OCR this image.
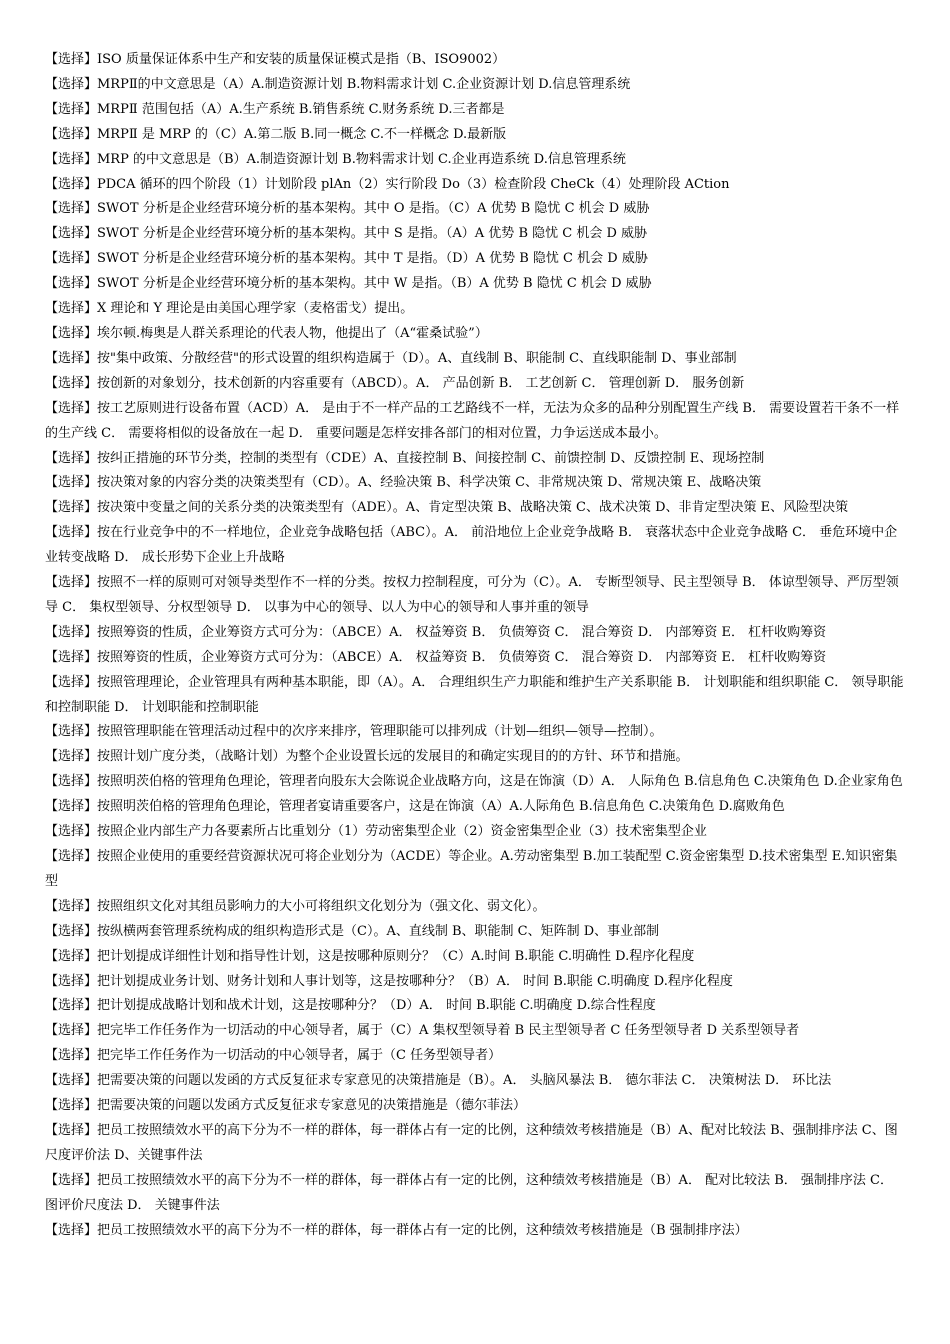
【选择】ISO 质量保证体系中生产和安装的质量保证模式是指（B、ISO9002）

【选择】MRPⅡ的中文意思是（A）A.制造资源计划 B.物料需求计划 C.企业资源计划 D.信息管理系统

【选择】MRPⅡ 范围包括（A）A.生产系统 B.销售系统 C.财务系统 D.三者都是

【选择】MRPⅡ 是 MRP 的（C）A.第二版 B.同一概念 C.不一样概念 D.最新版

【选择】MRP 的中文意思是（B）A.制造资源计划 B.物料需求计划 C.企业再造系统 D.信息管理系统

【选择】PDCA 循环的四个阶段（1）计划阶段 plAn（2）实行阶段 Do（3）检查阶段 CheCk（4）处理阶段 ACtion

【选择】SWOT 分析是企业经营环境分析的基本架构。其中 O 是指。（C）A 优势 B 隐忧 C 机会 D 威胁

【选择】SWOT 分析是企业经营环境分析的基本架构。其中 S 是指。（A）A 优势 B 隐忧 C 机会 D 威胁

【选择】SWOT 分析是企业经营环境分析的基本架构。其中 T 是指。（D）A 优势 B 隐忧 C 机会 D 威胁

【选择】SWOT 分析是企业经营环境分析的基本架构。其中 W 是指。（B）A 优势 B 隐忧 C 机会 D 威胁

【选择】X 理论和 Y 理论是由美国心理学家（麦格雷戈）提出。

【选择】埃尔顿.梅奥是人群关系理论的代表人物，他提出了（A“霍桑试验”）

【选择】按"集中政策、分散经营"的形式设置的组织构造属于（D）。A、直线制 B、职能制 C、直线职能制 D、事业部制

【选择】按创新的对象划分，技术创新的内容重要有（ABCD）。A． 产品创新 B． 工艺创新 C． 管理创新 D． 服务创新

【选择】按工艺原则进行设备布置（ACD）A． 是由于不一样产品的工艺路线不一样，无法为众多的品种分别配置生产线 B． 需要设置若干条不一样的生产线 C． 需要将相似的设备放在一起 D． 重要问题是怎样安排各部门的相对位置，力争运送成本最小。

【选择】按纠正措施的环节分类，控制的类型有（CDE）A、直接控制 B、间接控制 C、前馈控制 D、反馈控制 E、现场控制

【选择】按决策对象的内容分类的决策类型有（CD）。A、经验决策 B、科学决策 C、非常规决策 D、常规决策 E、战略决策

【选择】按决策中变量之间的关系分类的决策类型有（ADE）。A、肯定型决策 B、战略决策 C、战术决策 D、非肯定型决策 E、风险型决策

【选择】按在行业竞争中的不一样地位，企业竞争战略包括（ABC）。A． 前沿地位上企业竞争战略 B． 衰落状态中企业竞争战略 C． 垂危环境中企业转变战略 D． 成长形势下企业上升战略

【选择】按照不一样的原则可对领导类型作不一样的分类。按权力控制程度，可分为（C）。A． 专断型领导、民主型领导 B． 体谅型领导、严厉型领导 C． 集权型领导、分权型领导 D． 以事为中心的领导、以人为中心的领导和人事并重的领导

【选择】按照筹资的性质，企业筹资方式可分为：（ABCE）A． 权益筹资 B． 负债筹资 C． 混合筹资 D． 内部筹资 E． 杠杆收购筹资

【选择】按照筹资的性质，企业筹资方式可分为：（ABCE）A． 权益筹资 B． 负债筹资 C． 混合筹资 D． 内部筹资 E． 杠杆收购筹资

【选择】按照管理理论，企业管理具有两种基本职能，即（A）。A． 合理组织生产力职能和维护生产关系职能 B． 计划职能和组织职能 C． 领导职能和控制职能 D． 计划职能和控制职能

【选择】按照管理职能在管理活动过程中的次序来排序，管理职能可以排列成（计划—组织—领导—控制）。

【选择】按照计划广度分类，（战略计划）为整个企业设置长远的发展目的和确定实现目的的方针、环节和措施。

【选择】按照明茨伯格的管理角色理论，管理者向股东大会陈说企业战略方向，这是在饰演（D）A． 人际角色 B.信息角色 C.决策角色 D.企业家角色

【选择】按照明茨伯格的管理角色理论，管理者宴请重要客户，这是在饰演（A）A.人际角色 B.信息角色 C.决策角色 D.腐败角色

【选择】按照企业内部生产力各要素所占比重划分（1）劳动密集型企业（2）资金密集型企业（3）技术密集型企业

【选择】按照企业使用的重要经营资源状况可将企业划分为（ACDE）等企业。A.劳动密集型 B.加工装配型 C.资金密集型 D.技术密集型 E.知识密集型

【选择】按照组织文化对其组员影响力的大小可将组织文化划分为（强文化、弱文化）。

【选择】按纵横两套管理系统构成的组织构造形式是（C）。A、直线制 B、职能制 C、矩阵制 D、事业部制

【选择】把计划提成详细性计划和指导性计划，这是按哪种原则分？（C）A.时间 B.职能 C.明确性 D.程序化程度

【选择】把计划提成业务计划、财务计划和人事计划等，这是按哪种分？（B）A． 时间 B.职能 C.明确度 D.程序化程度

【选择】把计划提成战略计划和战术计划，这是按哪种分？（D）A． 时间 B.职能 C.明确度 D.综合性程度

【选择】把完毕工作任务作为一切活动的中心领导者，属于（C）A 集权型领导着 B 民主型领导者 C 任务型领导者 D 关系型领导者

【选择】把完毕工作任务作为一切活动的中心领导者，属于（C 任务型领导者）

【选择】把需要决策的问题以发函的方式反复征求专家意见的决策措施是（B）。A． 头脑风暴法 B． 德尔菲法 C． 决策树法 D． 环比法

【选择】把需要决策的问题以发函方式反复征求专家意见的决策措施是（德尔菲法）

【选择】把员工按照绩效水平的高下分为不一样的群体，每一群体占有一定的比例，这种绩效考核措施是（B）A、配对比较法 B、强制排序法 C、图尺度评价法 D、关键事件法

【选择】把员工按照绩效水平的高下分为不一样的群体，每一群体占有一定的比例，这种绩效考核措施是（B）A． 配对比较法 B． 强制排序法 C． 图评价尺度法 D． 关键事件法

【选择】把员工按照绩效水平的高下分为不一样的群体，每一群体占有一定的比例，这种绩效考核措施是（B 强制排序法）
